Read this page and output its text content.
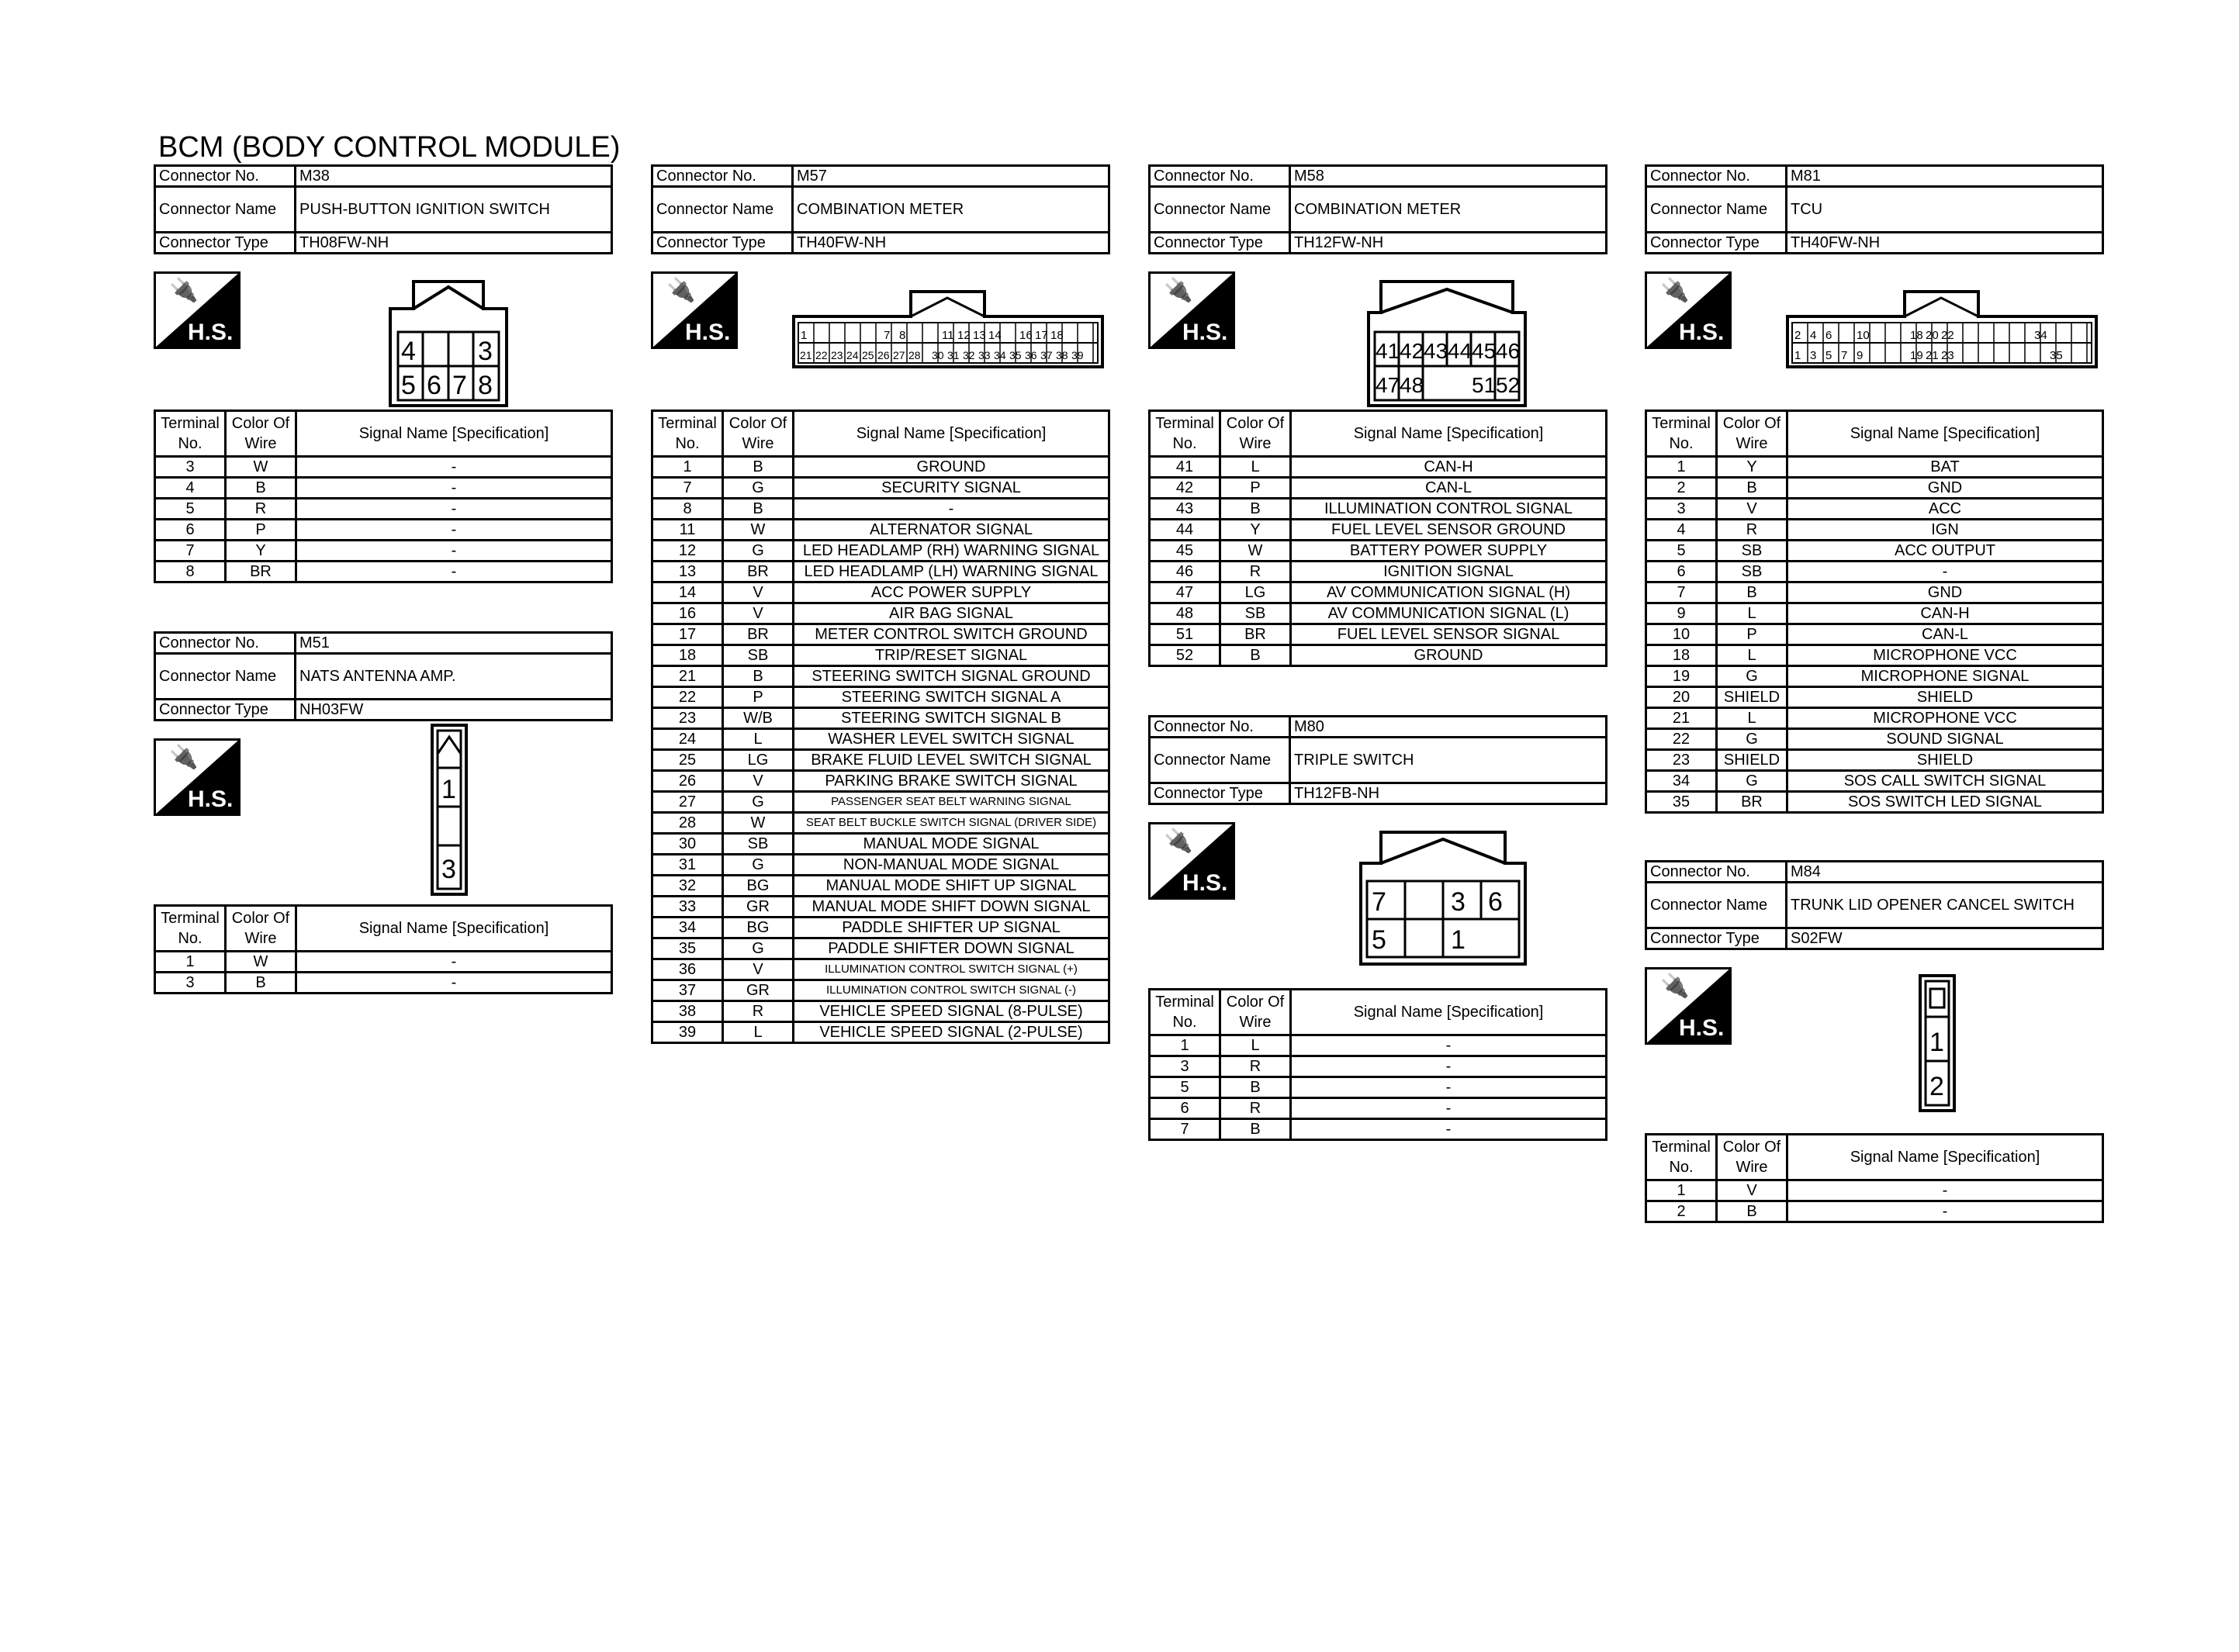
BCM (BODY CONTROL MODULE)
Connector No.	M38
Connector Name	PUSH-BUTTON IGNITION SWITCH
Connector Type	TH08FW-NH
🔌
H.S.
4 3
5 6 7 8
Terminal No.	Color Of Wire	Signal Name [Specification]
3	W	-
4	B	-
5	R	-
6	P	-
7	Y	-
8	BR	-
Connector No.	M51
Connector Name	NATS ANTENNA AMP.
Connector Type	NH03FW
🔌
H.S.	1
3
Terminal No.	Color Of Wire	Signal Name [Specification]
1	W	-
3	B	-
Connector No.	M57
Connector Name	COMBINATION METER
Connector Type	TH40FW-NH
🔌
H.S.	1	7 8	11 12 13 14 16 17 18
21 22 23 24 25 26 27 28 30 31 32 33 34 35 36 37 38 39
Terminal No.	Color Of Wire	Signal Name [Specification]
1	B	GROUND
7	G	SECURITY SIGNAL
8	B	-
11	W	ALTERNATOR SIGNAL
12	G	LED HEADLAMP (RH) WARNING SIGNAL
13	BR	LED HEADLAMP (LH) WARNING SIGNAL
14	V	ACC POWER SUPPLY
16	V	AIR BAG SIGNAL
17	BR	METER CONTROL SWITCH GROUND
18	SB	TRIP/RESET SIGNAL
21	B	STEERING SWITCH SIGNAL GROUND
22	P	STEERING SWITCH SIGNAL A
23	W/B	STEERING SWITCH SIGNAL B
24	L	WASHER LEVEL SWITCH SIGNAL
25	LG	BRAKE FLUID LEVEL SWITCH SIGNAL
26	V	PARKING BRAKE SWITCH SIGNAL
27	G	PASSENGER SEAT BELT WARNING SIGNAL
28	W	SEAT BELT BUCKLE SWITCH SIGNAL (DRIVER SIDE)
30	SB	MANUAL MODE SIGNAL
31	G	NON-MANUAL MODE SIGNAL
32	BG	MANUAL MODE SHIFT UP SIGNAL
33	GR	MANUAL MODE SHIFT DOWN SIGNAL
34	BG	PADDLE SHIFTER UP SIGNAL
35	G	PADDLE SHIFTER DOWN SIGNAL
36	V	ILLUMINATION CONTROL SWITCH SIGNAL (+)
37	GR	ILLUMINATION CONTROL SWITCH SIGNAL (-)
38	R	VEHICLE SPEED SIGNAL (8-PULSE)
39	L	VEHICLE SPEED SIGNAL (2-PULSE)
Connector No.	M58
Connector Name	COMBINATION METER
Connector Type	TH12FW-NH
🔌
H.S.
41 42 43 44 45 46
47 48 51 52
Terminal No.	Color Of Wire	Signal Name [Specification]
41	L	CAN-H
42	P	CAN-L
43	B	ILLUMINATION CONTROL SIGNAL
44	Y	FUEL LEVEL SENSOR GROUND
45	W	BATTERY POWER SUPPLY
46	R	IGNITION SIGNAL
47	LG	AV COMMUNICATION SIGNAL (H)
48	SB	AV COMMUNICATION SIGNAL (L)
51	BR	FUEL LEVEL SENSOR SIGNAL
52	B	GROUND
Connector No.	M80
Connector Name	TRIPLE SWITCH
Connector Type	TH12FB-NH
🔌
H.S.
7 3 6
5 1
Terminal No.	Color Of Wire	Signal Name [Specification]
1	L	-
3	R	-
5	B	-
6	R	-
7	B	-
Connector No.	M81
Connector Name	TCU
Connector Type	TH40FW-NH
🔌
H.S.	2 4 6 10	18 20 22	34
1 3 5 7 9	19 21 23	35
Terminal No.	Color Of Wire	Signal Name [Specification]
1	Y	BAT
2	B	GND
3	V	ACC
4	R	IGN
5	SB	ACC OUTPUT
6	SB	-
7	B	GND
9	L	CAN-H
10	P	CAN-L
18	L	MICROPHONE VCC
19	G	MICROPHONE SIGNAL
20	SHIELD	SHIELD
21	L	MICROPHONE VCC
22	G	SOUND SIGNAL
23	SHIELD	SHIELD
34	G	SOS CALL SWITCH SIGNAL
35	BR	SOS SWITCH LED SIGNAL
Connector No.	M84
Connector Name	TRUNK LID OPENER CANCEL SWITCH
Connector Type	S02FW
🔌
H.S.	1
2
Terminal No.	Color Of Wire	Signal Name [Specification]
1	V	-
2	B	-
